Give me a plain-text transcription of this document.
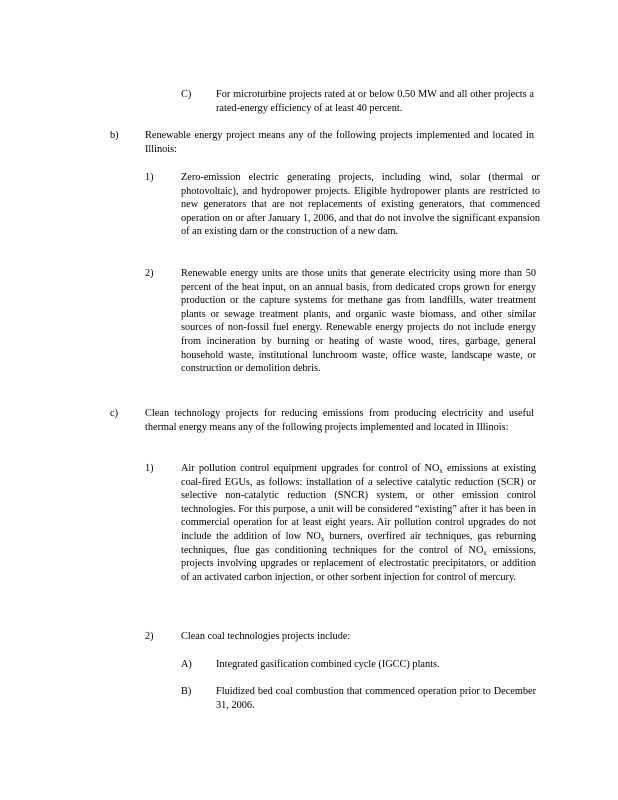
C) For microturbine projects rated at or below 0.50 MW and all other projects a rated-energy efficiency of at least 40 percent.
b)	Renewable energy project means any of the following projects implemented and located in Illinois:
1)	Zero-emission electric generating projects, including wind, solar (thermal or photovoltaic), and hydropower projects. Eligible hydropower plants are restricted to new generators that are not replacements of existing generators, that commenced operation on or after January 1, 2006, and that do not involve the significant expansion of an existing dam or the construction of a new dam.
2)	Renewable energy units are those units that generate electricity using more than 50 percent of the heat input, on an annual basis, from dedicated crops grown for energy production or the capture systems for methane gas from landfills, water treatment plants or sewage treatment plants, and organic waste biomass, and other similar sources of non-fossil fuel energy. Renewable energy projects do not include energy from incineration by burning or heating of waste wood, tires, garbage, general household waste, institutional lunchroom waste, office waste, landscape waste, or construction or demolition debris.
c)	Clean technology projects for reducing emissions from producing electricity and useful thermal energy means any of the following projects implemented and located in Illinois:
1)	Air pollution control equipment upgrades for control of $NO_x$ emissions at existing coal-fired EGUs, as follows: installation of a selective catalytic reduction (SCR) or selective non-catalytic reduction (SNCR) system, or other emission control technologies. For this purpose, a unit will be considered “existing” after it has been in commercial operation for at least eight years. Air pollution control upgrades do not include the addition of low $NO_x$ burners, overfired air techniques, gas reburning techniques, flue gas conditioning techniques for the control of $NO_x$ emissions, projects involving upgrades or replacement of electrostatic precipitators, or addition of an activated carbon injection, or other sorbent injection for control of mercury.
2)	Clean coal technologies projects include:
A) Integrated gasification combined cycle (IGCC) plants.
B) Fluidized bed coal combustion that commenced operation prior to December 31, 2006.
